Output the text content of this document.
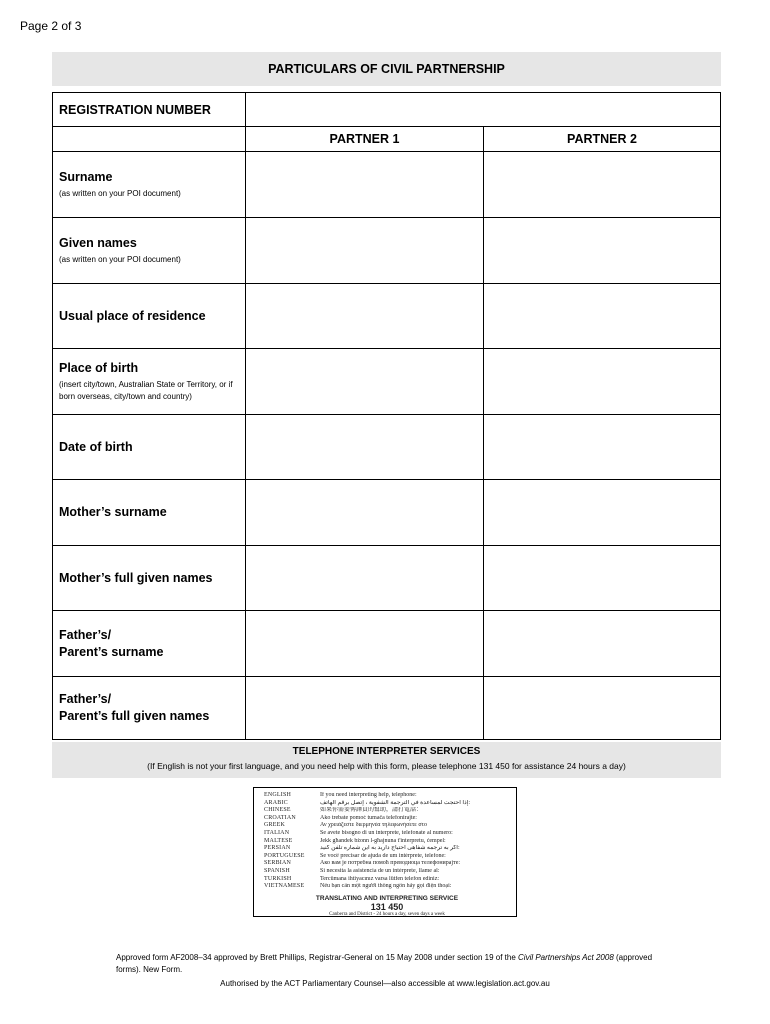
Page 2 of 3
PARTICULARS OF CIVIL PARTNERSHIP
REGISTRATION NUMBER
PARTNER 1	PARTNER 2
Surname
(as written on your POI document)
Given names
(as written on your POI document)
Usual place of residence
Place of birth
(insert city/town, Australian State or Territory, or if born overseas, city/town and country)
Date of birth
Mother’s surname
Mother’s full given names
Father’s/
Parent’s surname
Father’s/
Parent’s full given names
TELEPHONE INTERPRETER SERVICES
(If English is not your first language, and you need help with this form, please telephone 131 450 for assistance 24 hours a day)
ENGLISH	If you need interpreting help, telephone:
ARABIC	إذا احتجت لمساعدة في الترجمة الشفوية ، إتصل برقم الهاتف:
CHINESE	如果你需要傳譯員的幫助，請打電話：
CROATIAN	Ako trebate pomoć tumača telefonirajte:
GREEK	Αν χρειάζεστε διερμηνέα τηλεφωνήσετε στο
ITALIAN	Se avete bisogno di un interprete, telefonate al numero:
MALTESE	Jekk għandek bżonn l-għajnuna t'interpretu, ċempel:
PERSIAN	اگر به ترجمه شفاهی احتیاج دارید به این شماره تلفن کنید:
PORTUGUESE	Se você precisar de ajuda de um intérprete, telefone:
SERBIAN	Ако вам је потребна помоћ преводиоца телефонирајте:
SPANISH	Si necesita la asistencia de un intérprete, llame al:
TURKISH	Tercümana ihtiyacınız varsa lütfen telefon ediniz:
VIETNAMESE	Nếu bạn cần một người thông ngôn hãy gọi điện thoại:
TRANSLATING AND INTERPRETING SERVICE
131 450
Canberra and District - 24 hours a day, seven days a week
Approved form AF2008–34 approved by Brett Phillips, Registrar-General on 15 May 2008 under section 19 of the Civil Partnerships Act 2008 (approved forms). New Form.
Authorised by the ACT Parliamentary Counsel—also accessible at www.legislation.act.gov.au
